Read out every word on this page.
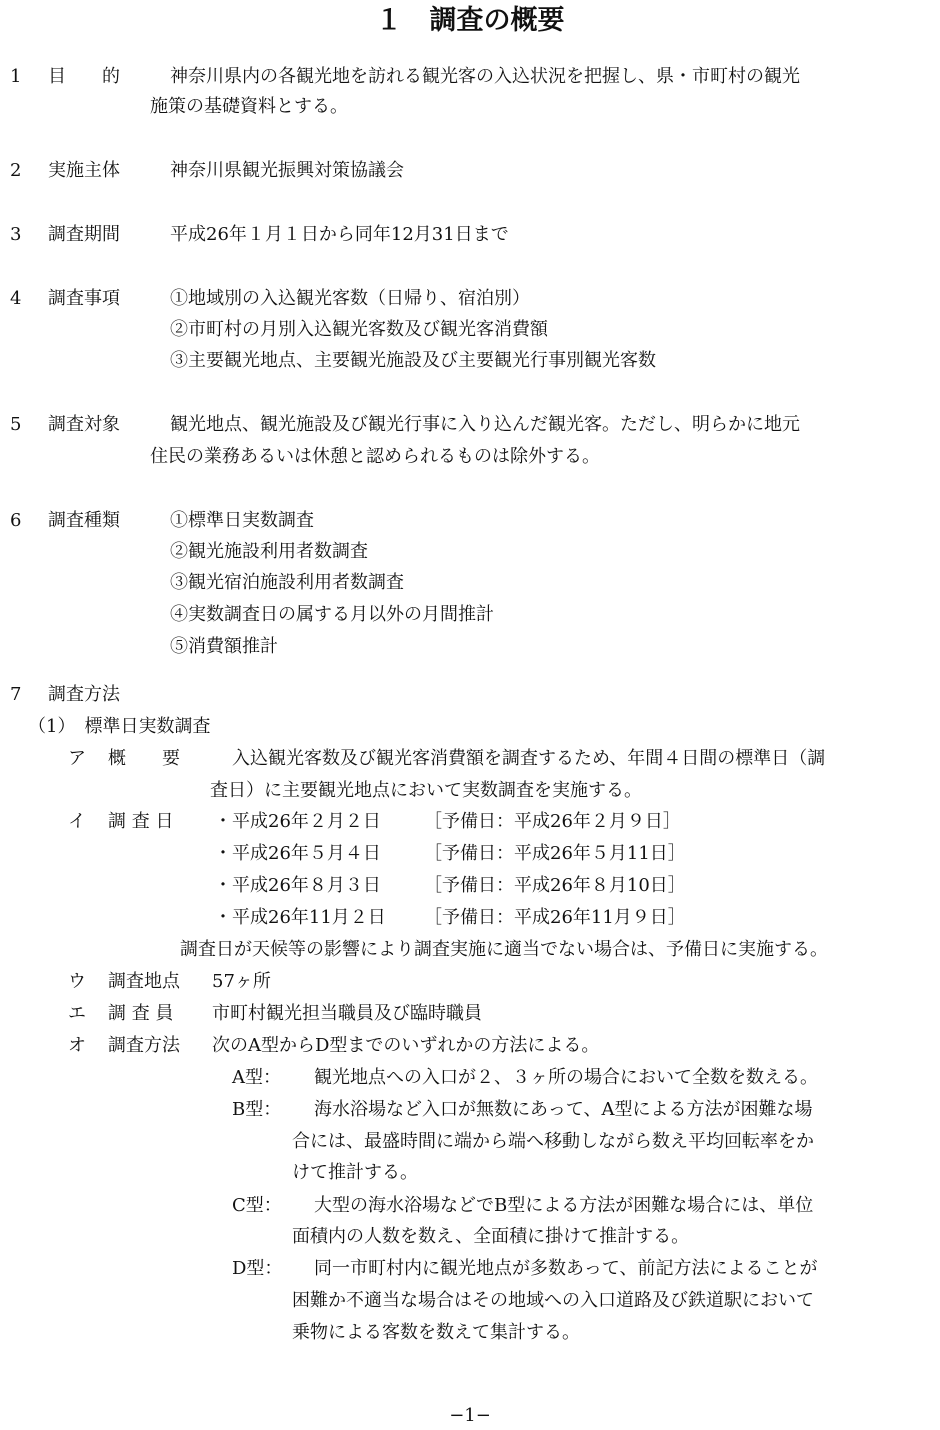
１　調査の概要
1 目　　的	神奈川県内の各観光地を訪れる観光客の入込状況を把握し、県・市町村の観光
施策の基礎資料とする。
2 実施主体	神奈川県観光振興対策協議会
3 調査期間	平成26年１月１日から同年12月31日まで
4 調査事項	①地域別の入込観光客数（日帰り、宿泊別）
②市町村の月別入込観光客数及び観光客消費額
③主要観光地点、主要観光施設及び主要観光行事別観光客数
5 調査対象	観光地点、観光施設及び観光行事に入り込んだ観光客。ただし、明らかに地元
住民の業務あるいは休憩と認められるものは除外する。
6 調査種類	①標準日実数調査
②観光施設利用者数調査
③観光宿泊施設利用者数調査
④実数調査日の属する月以外の月間推計
⑤消費額推計
7 調査方法
（1）　標準日実数調査
ア 概　　要	入込観光客数及び観光客消費額を調査するため、年間４日間の標準日（調
査日）に主要観光地点において実数調査を実施する。
イ 調 査 日 ・平成26年２月２日 ［予備日：平成26年２月９日］
・平成26年５月４日 ［予備日：平成26年５月11日］
・平成26年８月３日 ［予備日：平成26年８月10日］
・平成26年11月２日 ［予備日：平成26年11月９日］
調査日が天候等の影響により調査実施に適当でない場合は、予備日に実施する。
ウ 調査地点 57ヶ所
エ 調 査 員 市町村観光担当職員及び臨時職員
オ 調査方法 次のA型からD型までのいずれかの方法による。
A型： 観光地点への入口が２、３ヶ所の場合において全数を数える。
B型： 海水浴場など入口が無数にあって、A型による方法が困難な場
合には、最盛時間に端から端へ移動しながら数え平均回転率をか
けて推計する。
C型： 大型の海水浴場などでB型による方法が困難な場合には、単位
面積内の人数を数え、全面積に掛けて推計する。
D型： 同一市町村内に観光地点が多数あって、前記方法によることが
困難か不適当な場合はその地域への入口道路及び鉄道駅において
乗物による客数を数えて集計する。
−1−
